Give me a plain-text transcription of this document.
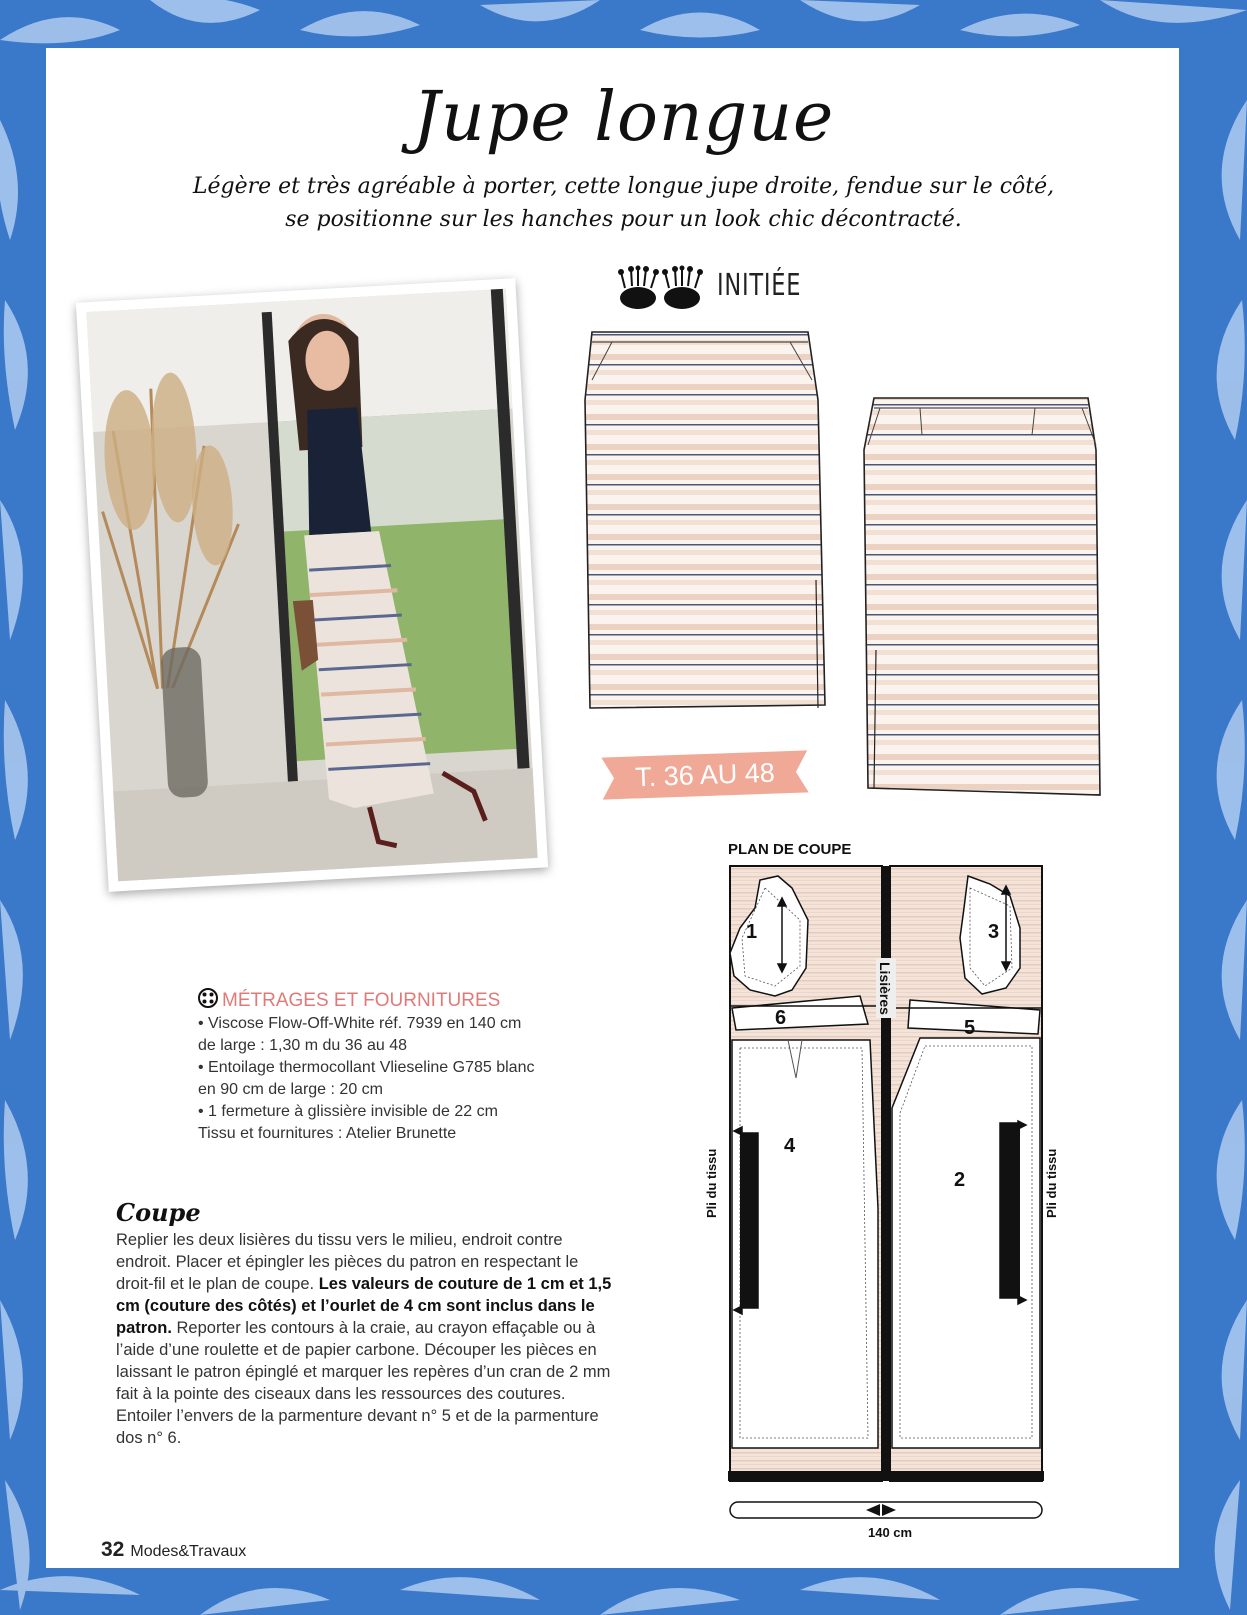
Jupe longue
Légère et très agréable à porter, cette longue jupe droite, fendue sur le côté,
se positionne sur les hanches pour un look chic décontracté.
INITIÉE
T. 36 AU 48
PLAN DE COUPE
1	3
6	5
4
2
Lisières
Pli du tissu	Pli du tissu
140 cm
MÉTRAGES ET FOURNITURES
• Viscose Flow-Off-White réf. 7939 en 140 cm
de large : 1,30 m du 36 au 48
• Entoilage thermocollant Vlieseline G785 blanc
en 90 cm de large : 20 cm
• 1 fermeture à glissière invisible de 22 cm
Tissu et fournitures : Atelier Brunette
Coupe

Replier les deux lisières du tissu vers le milieu, endroit contre endroit. Placer et épingler les pièces du patron en respectant le droit-fil et le plan de coupe. Les valeurs de couture de 1 cm et 1,5 cm (couture des côtés) et l’ourlet de 4 cm sont inclus dans le patron. Reporter les contours à la craie, au crayon effaçable ou à l’aide d’une roulette et de papier carbone. Découper les pièces en laissant le patron épinglé et marquer les repères d’un cran de 2 mm fait à la pointe des ciseaux dans les ressources des coutures. Entoiler l’envers de la parmenture devant n° 5 et de la parmenture dos n° 6.

32 Modes&Travaux
